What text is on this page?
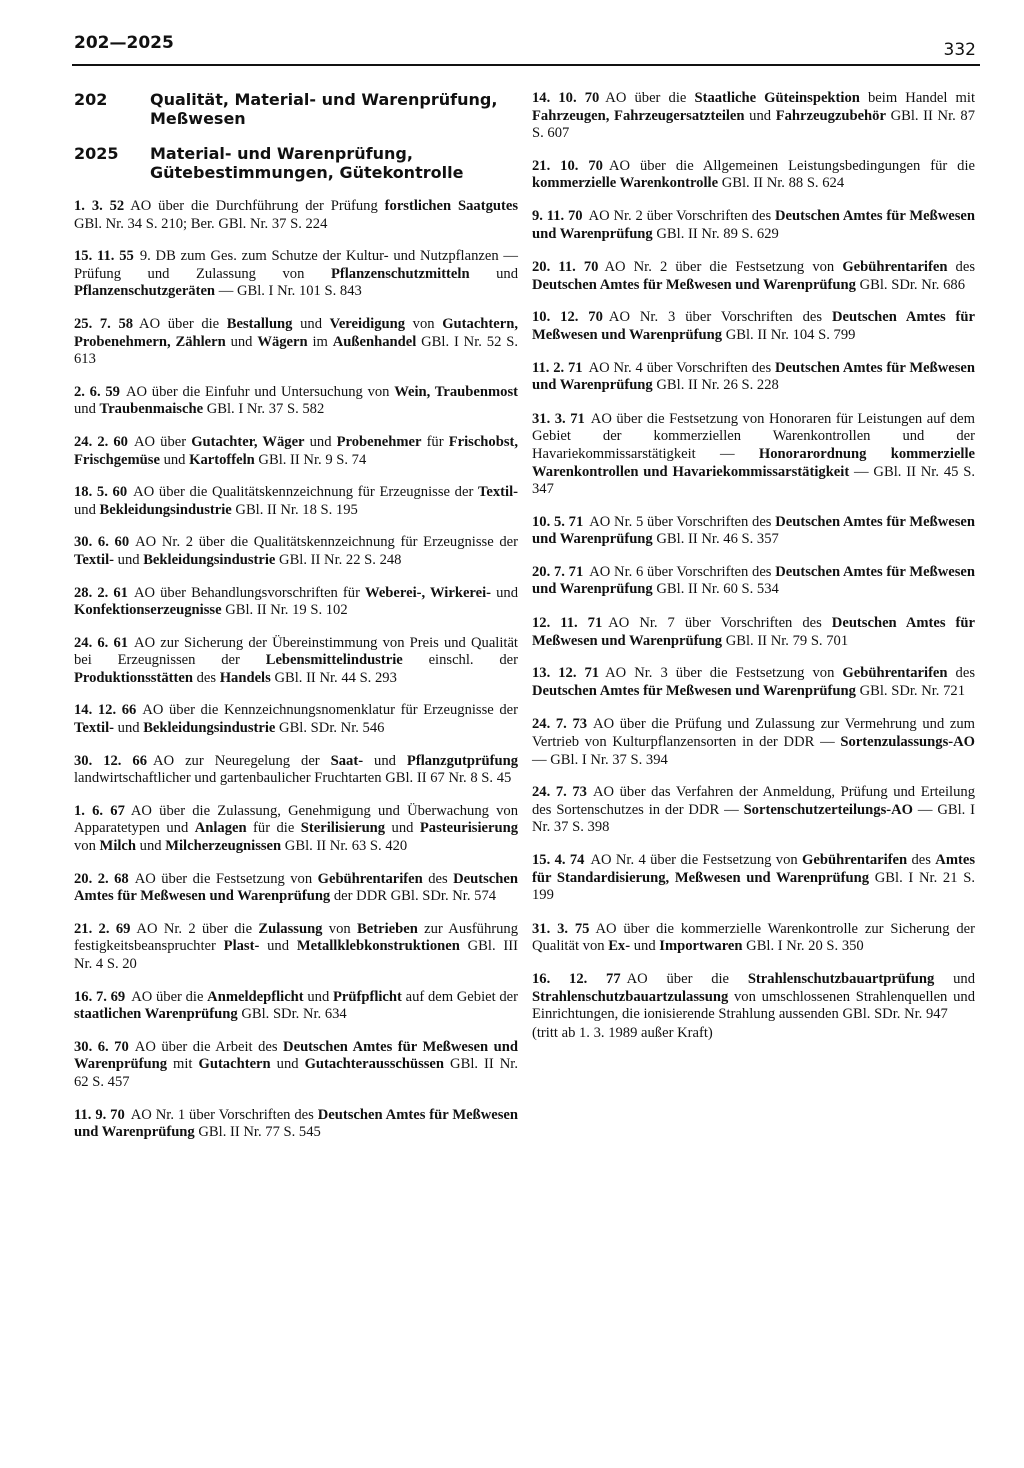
202—2025	332
202	Qualität, Material- und Warenprüfung, Meßwesen
2025	Material- und Warenprüfung, Gütebestimmungen, Gütekontrolle
1. 3. 52 AO über die Durchführung der Prüfung forstlichen Saatgutes GBl. Nr. 34 S. 210; Ber. GBl. Nr. 37 S. 224
15. 11. 55 9. DB zum Ges. zum Schutze der Kultur- und Nutzpflanzen — Prüfung und Zulassung von Pflanzenschutzmitteln und Pflanzenschutzgeräten — GBl. I Nr. 101 S. 843
25. 7. 58 AO über die Bestallung und Vereidigung von Gutachtern, Probenehmern, Zählern und Wägern im Außenhandel GBl. I Nr. 52 S. 613
2. 6. 59 AO über die Einfuhr und Untersuchung von Wein, Traubenmost und Traubenmaische GBl. I Nr. 37 S. 582
24. 2. 60 AO über Gutachter, Wäger und Probenehmer für Frischobst, Frischgemüse und Kartoffeln GBl. II Nr. 9 S. 74
18. 5. 60 AO über die Qualitätskennzeichnung für Erzeugnisse der Textil- und Bekleidungsindustrie GBl. II Nr. 18 S. 195
30. 6. 60 AO Nr. 2 über die Qualitätskennzeichnung für Erzeugnisse der Textil- und Bekleidungsindustrie GBl. II Nr. 22 S. 248
28. 2. 61 AO über Behandlungsvorschriften für Weberei-, Wirkerei- und Konfektionserzeugnisse GBl. II Nr. 19 S. 102
24. 6. 61 AO zur Sicherung der Übereinstimmung von Preis und Qualität bei Erzeugnissen der Lebensmittelindustrie einschl. der Produktionsstätten des Handels GBl. II Nr. 44 S. 293
14. 12. 66 AO über die Kennzeichnungsnomenklatur für Erzeugnisse der Textil- und Bekleidungsindustrie GBl. SDr. Nr. 546
30. 12. 66 AO zur Neuregelung der Saat- und Pflanzgutprüfung landwirtschaftlicher und gartenbaulicher Fruchtarten GBl. II 67 Nr. 8 S. 45
1. 6. 67 AO über die Zulassung, Genehmigung und Überwachung von Apparatetypen und Anlagen für die Sterilisierung und Pasteurisierung von Milch und Milcherzeugnissen GBl. II Nr. 63 S. 420
20. 2. 68 AO über die Festsetzung von Gebührentarifen des Deutschen Amtes für Meßwesen und Warenprüfung der DDR GBl. SDr. Nr. 574
21. 2. 69 AO Nr. 2 über die Zulassung von Betrieben zur Ausführung festigkeitsbeanspruchter Plast- und Metallklebkonstruktionen GBl. III Nr. 4 S. 20
16. 7. 69 AO über die Anmeldepflicht und Prüfpflicht auf dem Gebiet der staatlichen Warenprüfung GBl. SDr. Nr. 634
30. 6. 70 AO über die Arbeit des Deutschen Amtes für Meßwesen und Warenprüfung mit Gutachtern und Gutachterausschüssen GBl. II Nr. 62 S. 457
11. 9. 70 AO Nr. 1 über Vorschriften des Deutschen Amtes für Meßwesen und Warenprüfung GBl. II Nr. 77 S. 545
14. 10. 70 AO über die Staatliche Güteinspektion beim Handel mit Fahrzeugen, Fahrzeugersatzteilen und Fahrzeugzubehör GBl. II Nr. 87 S. 607
21. 10. 70 AO über die Allgemeinen Leistungsbedingungen für die kommerzielle Warenkontrolle GBl. II Nr. 88 S. 624
9. 11. 70 AO Nr. 2 über Vorschriften des Deutschen Amtes für Meßwesen und Warenprüfung GBl. II Nr. 89 S. 629
20. 11. 70 AO Nr. 2 über die Festsetzung von Gebührentarifen des Deutschen Amtes für Meßwesen und Warenprüfung GBl. SDr. Nr. 686
10. 12. 70 AO Nr. 3 über Vorschriften des Deutschen Amtes für Meßwesen und Warenprüfung GBl. II Nr. 104 S. 799
11. 2. 71 AO Nr. 4 über Vorschriften des Deutschen Amtes für Meßwesen und Warenprüfung GBl. II Nr. 26 S. 228
31. 3. 71 AO über die Festsetzung von Honoraren für Leistungen auf dem Gebiet der kommerziellen Warenkontrollen und der Havariekommissarstätigkeit — Honorarordnung kommerzielle Warenkontrollen und Havariekommissarstätigkeit — GBl. II Nr. 45 S. 347
10. 5. 71 AO Nr. 5 über Vorschriften des Deutschen Amtes für Meßwesen und Warenprüfung GBl. II Nr. 46 S. 357
20. 7. 71 AO Nr. 6 über Vorschriften des Deutschen Amtes für Meßwesen und Warenprüfung GBl. II Nr. 60 S. 534
12. 11. 71 AO Nr. 7 über Vorschriften des Deutschen Amtes für Meßwesen und Warenprüfung GBl. II Nr. 79 S. 701
13. 12. 71 AO Nr. 3 über die Festsetzung von Gebührentarifen des Deutschen Amtes für Meßwesen und Warenprüfung GBl. SDr. Nr. 721
24. 7. 73 AO über die Prüfung und Zulassung zur Vermehrung und zum Vertrieb von Kulturpflanzensorten in der DDR — Sortenzulassungs-AO — GBl. I Nr. 37 S. 394
24. 7. 73 AO über das Verfahren der Anmeldung, Prüfung und Erteilung des Sortenschutzes in der DDR — Sortenschutzerteilungs-AO — GBl. I Nr. 37 S. 398
15. 4. 74 AO Nr. 4 über die Festsetzung von Gebührentarifen des Amtes für Standardisierung, Meßwesen und Warenprüfung GBl. I Nr. 21 S. 199
31. 3. 75 AO über die kommerzielle Warenkontrolle zur Sicherung der Qualität von Ex- und Importwaren GBl. I Nr. 20 S. 350
16. 12. 77 AO über die Strahlenschutzbauartprüfung und Strahlenschutzbauartzulassung von umschlossenen Strahlenquellen und Einrichtungen, die ionisierende Strahlung aussenden GBl. SDr. Nr. 947
(tritt ab 1. 3. 1989 außer Kraft)
